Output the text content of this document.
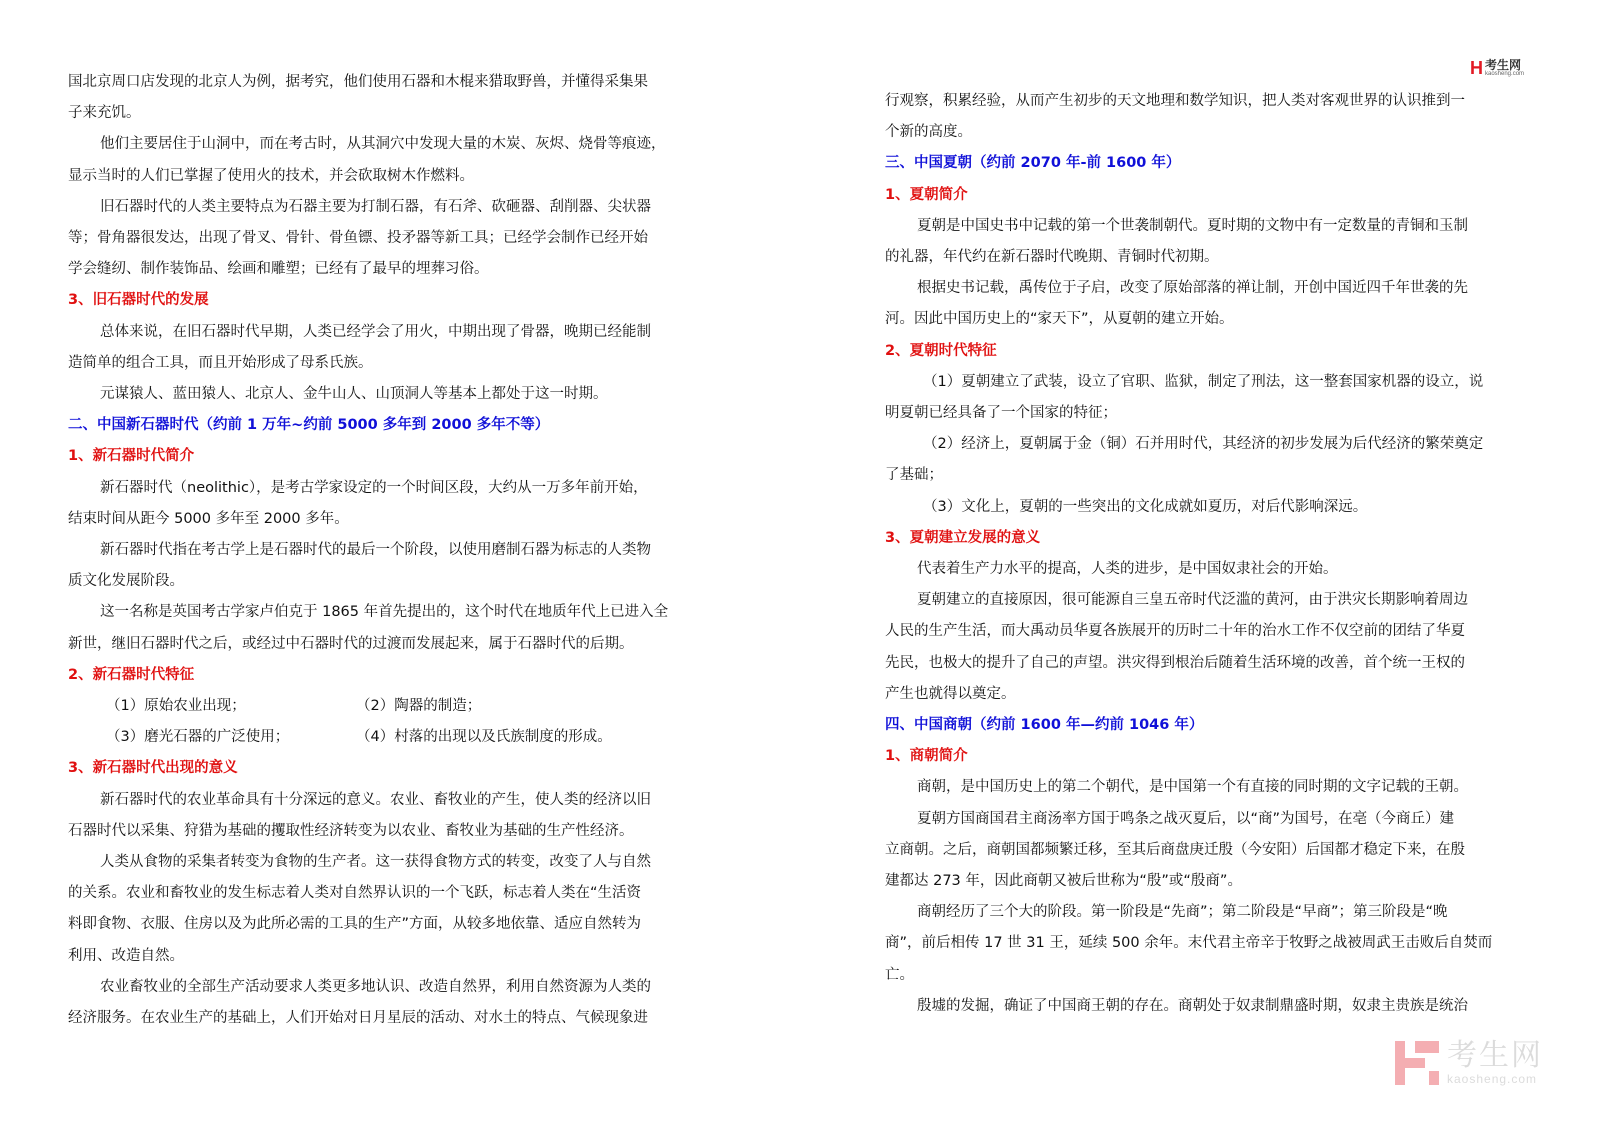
H 考生网
kaosheng.com
国北京周口店发现的北京人为例，据考究，他们使用石器和木棍来猎取野兽，并懂得采集果
子来充饥。
他们主要居住于山洞中，而在考古时，从其洞穴中发现大量的木炭、灰烬、烧骨等痕迹，
显示当时的人们已掌握了使用火的技术，并会砍取树木作燃料。
旧石器时代的人类主要特点为石器主要为打制石器，有石斧、砍砸器、刮削器、尖状器
等；骨角器很发达，出现了骨叉、骨针、骨鱼镖、投矛器等新工具；已经学会制作已经开始
学会缝纫、制作装饰品、绘画和雕塑；已经有了最早的埋葬习俗。
3、旧石器时代的发展
总体来说，在旧石器时代早期，人类已经学会了用火，中期出现了骨器，晚期已经能制
造简单的组合工具，而且开始形成了母系氏族。
元谋猿人、蓝田猿人、北京人、金牛山人、山顶洞人等基本上都处于这一时期。
二、中国新石器时代（约前 1 万年~约前 5000 多年到 2000 多年不等）
1、新石器时代简介
新石器时代（neolithic），是考古学家设定的一个时间区段，大约从一万多年前开始，
结束时间从距今 5000 多年至 2000 多年。
新石器时代指在考古学上是石器时代的最后一个阶段，以使用磨制石器为标志的人类物
质文化发展阶段。
这一名称是英国考古学家卢伯克于 1865 年首先提出的，这个时代在地质年代上已进入全
新世，继旧石器时代之后，或经过中石器时代的过渡而发展起来，属于石器时代的后期。
2、新石器时代特征
（1）原始农业出现；	（2）陶器的制造；
（3）磨光石器的广泛使用；	（4）村落的出现以及氏族制度的形成。
3、新石器时代出现的意义
新石器时代的农业革命具有十分深远的意义。农业、畜牧业的产生，使人类的经济以旧
石器时代以采集、狩猎为基础的攫取性经济转变为以农业、畜牧业为基础的生产性经济。
人类从食物的采集者转变为食物的生产者。这一获得食物方式的转变，改变了人与自然
的关系。农业和畜牧业的发生标志着人类对自然界认识的一个飞跃，标志着人类在“生活资
料即食物、衣服、住房以及为此所必需的工具的生产”方面，从较多地依靠、适应自然转为
利用、改造自然。
农业畜牧业的全部生产活动要求人类更多地认识、改造自然界，利用自然资源为人类的
经济服务。在农业生产的基础上，人们开始对日月星辰的活动、对水土的特点、气候现象进
行观察，积累经验，从而产生初步的天文地理和数学知识，把人类对客观世界的认识推到一
个新的高度。
三、中国夏朝（约前 2070 年-前 1600 年）
1、夏朝简介
夏朝是中国史书中记载的第一个世袭制朝代。夏时期的文物中有一定数量的青铜和玉制
的礼器，年代约在新石器时代晚期、青铜时代初期。
根据史书记载，禹传位于子启，改变了原始部落的禅让制，开创中国近四千年世袭的先
河。因此中国历史上的“家天下”，从夏朝的建立开始。
2、夏朝时代特征
（1）夏朝建立了武装，设立了官职、监狱，制定了刑法，这一整套国家机器的设立，说
明夏朝已经具备了一个国家的特征；
（2）经济上，夏朝属于金（铜）石并用时代，其经济的初步发展为后代经济的繁荣奠定
了基础；
（3）文化上，夏朝的一些突出的文化成就如夏历，对后代影响深远。
3、夏朝建立发展的意义
代表着生产力水平的提高，人类的进步，是中国奴隶社会的开始。
夏朝建立的直接原因，很可能源自三皇五帝时代泛滥的黄河，由于洪灾长期影响着周边
人民的生产生活，而大禹动员华夏各族展开的历时二十年的治水工作不仅空前的团结了华夏
先民，也极大的提升了自己的声望。洪灾得到根治后随着生活环境的改善，首个统一王权的
产生也就得以奠定。
四、中国商朝（约前 1600 年—约前 1046 年）
1、商朝简介
商朝，是中国历史上的第二个朝代，是中国第一个有直接的同时期的文字记载的王朝。
夏朝方国商国君主商汤率方国于鸣条之战灭夏后，以“商”为国号，在亳（今商丘）建
立商朝。之后，商朝国都频繁迁移，至其后商盘庚迁殷（今安阳）后国都才稳定下来，在殷
建都达 273 年，因此商朝又被后世称为“殷”或“殷商”。
商朝经历了三个大的阶段。第一阶段是“先商”；第二阶段是“早商”；第三阶段是“晚
商”，前后相传 17 世 31 王，延续 500 余年。末代君主帝辛于牧野之战被周武王击败后自焚而
亡。
殷墟的发掘，确证了中国商王朝的存在。商朝处于奴隶制鼎盛时期，奴隶主贵族是统治
考生网
kaosheng.com
